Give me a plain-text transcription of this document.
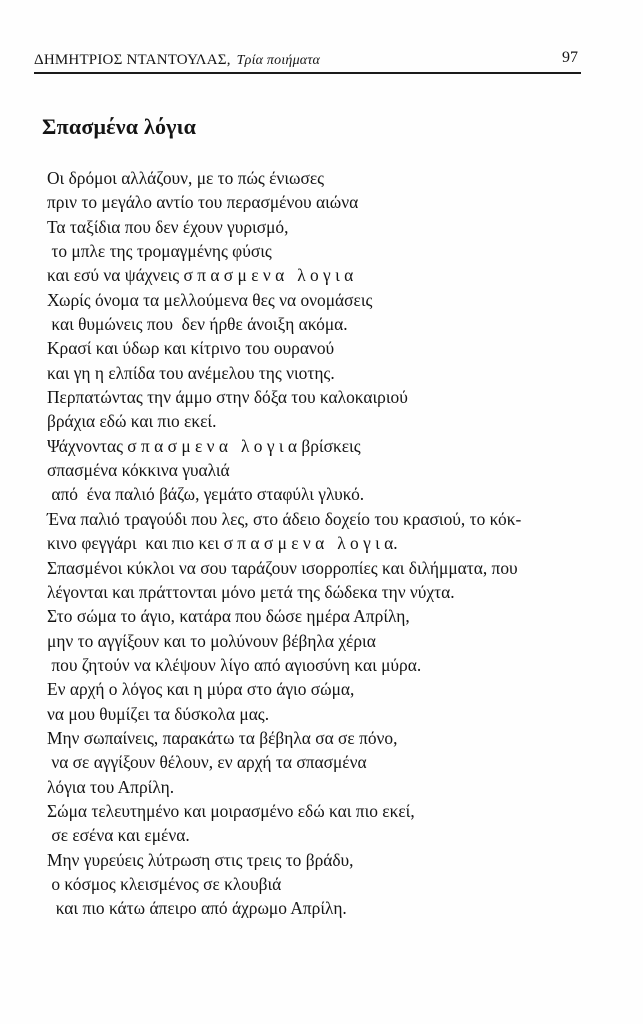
ΔΗΜΗΤΡΙΟΣ ΝΤΑΝΤΟΥΛΑΣ, Τρία ποιήματα	97
Σπασμένα λόγια
Οι δρόμοι αλλάζουν, με το πώς ένιωσες
πριν το μεγάλο αντίο του περασμένου αιώνα
Τα ταξίδια που δεν έχουν γυρισμό,
το μπλε της τρομαγμένης φύσις
και εσύ να ψάχνεις σ π α σ μ ε ν α   λ ο γ ι α
Χωρίς όνομα τα μελλούμενα θες να ονομάσεις
και θυμώνεις που  δεν ήρθε άνοιξη ακόμα.
Κρασί και ύδωρ και κίτρινο του ουρανού
και γη η ελπίδα του ανέμελου της νιοτης.
Περπατώντας την άμμο στην δόξα του καλοκαιριού
βράχια εδώ και πιο εκεί.
Ψάχνοντας σ π α σ μ ε ν α   λ ο γ ι α βρίσκεις
σπασμένα κόκκινα γυαλιά
από  ένα παλιό βάζω, γεμάτο σταφύλι γλυκό.
Ένα παλιό τραγούδι που λες, στο άδειο δοχείο του κρασιού, το κόκ-
κινο φεγγάρι  και πιο κει σ π α σ μ ε ν α   λ ο γ ι α.
Σπασμένοι κύκλοι να σου ταράζουν ισορροπίες και διλήμματα, που
λέγονται και πράττονται μόνο μετά της δώδεκα την νύχτα.
Στο σώμα το άγιο, κατάρα που δώσε ημέρα Απρίλη,
μην το αγγίξουν και το μολύνουν βέβηλα χέρια
που ζητούν να κλέψουν λίγο από αγιοσύνη και μύρα.
Εν αρχή ο λόγος και η μύρα στο άγιο σώμα,
να μου θυμίζει τα δύσκολα μας.
Μην σωπαίνεις, παρακάτω τα βέβηλα σα σε πόνο,
να σε αγγίξουν θέλουν, εν αρχή τα σπασμένα
λόγια του Απρίλη.
Σώμα τελευτημένο και μοιρασμένο εδώ και πιο εκεί,
σε εσένα και εμένα.
Μην γυρεύεις λύτρωση στις τρεις το βράδυ,
ο κόσμος κλεισμένος σε κλουβιά
και πιο κάτω άπειρο από άχρωμο Απρίλη.
